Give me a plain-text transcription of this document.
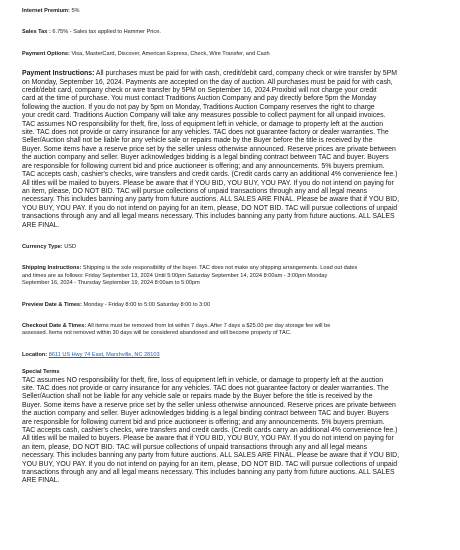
Internet Premium: 5%

Sales Tax : 6.75% - Sales tax applied to Hammer Price.

Payment Options: Visa, MasterCard, Discover, American Express, Check, Wire Transfer, and Cash

Payment Instructions: All purchases must be paid for with cash, credit/debit card, company check or wire transfer by 5PM
on Monday, September 16, 2024. Payments are accepted on the day of auction. All purchases must be paid for with cash,
credit/debit card, company check or wire transfer by 5PM on September 16, 2024.Proxibid will not charge your credit
card at the time of purchase. You must contact Traditions Auction Company and pay directly before 5pm the Monday
following the auction. If you do not pay by 5pm on Monday, Traditions Auction Company reserves the right to charge
your credit card. Traditions Auction Company will take any measures possible to collect payment for all unpaid invoices.
TAC assumes NO responsibility for theft, fire, loss of equipment left in vehicle, or damage to property left at the auction
site. TAC does not provide or carry insurance for any vehicles. TAC does not guarantee factory or dealer warranties. The
Seller/Auction shall not be liable for any vehicle sale or repairs made by the Buyer before the title is received by the
Buyer. Some items have a reserve price set by the seller unless otherwise announced. Reserve prices are private between
the auction company and seller. Buyer acknowledges bidding is a legal binding contract between TAC and buyer. Buyers
are responsible for following current bid and price auctioneer is offering; and any announcements. 5% buyers premium.
TAC accepts cash, cashier's checks, wire transfers and credit cards. (Credit cards carry an additional 4% convenience fee.)
All titles will be mailed to buyers. Please be aware that if YOU BID, YOU BUY, YOU PAY. If you do not intend on paying for
an item, please, DO NOT BID. TAC will pursue collections of unpaid transactions through any and all legal means
necessary. This includes banning any party from future auctions. ALL SALES ARE FINAL. Please be aware that if YOU BID,
YOU BUY, YOU PAY. If you do not intend on paying for an item, please, DO NOT BID. TAC will pursue collections of unpaid
transactions through any and all legal means necessary. This includes banning any party from future auctions. ALL SALES
ARE FINAL.

Currency Type: USD

Shipping Instructions: Shipping is the sole responsibility of the buyer. TAC does not make any shipping arrangements. Load out dates
and times are as follows: Friday September 13, 2024 Until 5:00pm Saturday September 14, 2024 8:00am - 3:00pm Monday
September 16, 2024 - Thursday September 19, 2024 8:00am to 5:00pm

Preview Date & Times: Monday - Friday 8:00 to 5:00 Saturday 8:00 to 3:00

Checkout Date & Times: All items must be removed from lot within 7 days. After 7 days a $25.00 per day storage fee will be
assessed. Items not removed within 30 days will be considered abandoned and will become property of TAC.

Location: 8611 US Hwy 74 East, Marshville, NC 28103

Special Terms
TAC assumes NO responsibility for theft, fire, loss of equipment left in vehicle, or damage to property left at the auction
site. TAC does not provide or carry insurance for any vehicles. TAC does not guarantee factory or dealer warranties. The
Seller/Auction shall not be liable for any vehicle sale or repairs made by the Buyer before the title is received by the
Buyer. Some items have a reserve price set by the seller unless otherwise announced. Reserve prices are private between
the auction company and seller. Buyer acknowledges bidding is a legal binding contract between TAC and buyer. Buyers
are responsible for following current bid and price auctioneer is offering; and any announcements. 5% buyers premium.
TAC accepts cash, cashier's checks, wire transfers and credit cards. (Credit cards carry an additional 4% convenience fee.)
All titles will be mailed to buyers. Please be aware that if YOU BID, YOU BUY, YOU PAY. If you do not intend on paying for
an item, please, DO NOT BID. TAC will pursue collections of unpaid transactions through any and all legal means
necessary. This includes banning any party from future auctions. ALL SALES ARE FINAL. Please be aware that if YOU BID,
YOU BUY, YOU PAY. If you do not intend on paying for an item, please, DO NOT BID. TAC will pursue collections of unpaid
transactions through any and all legal means necessary. This includes banning any party from future auctions. ALL SALES
ARE FINAL.
